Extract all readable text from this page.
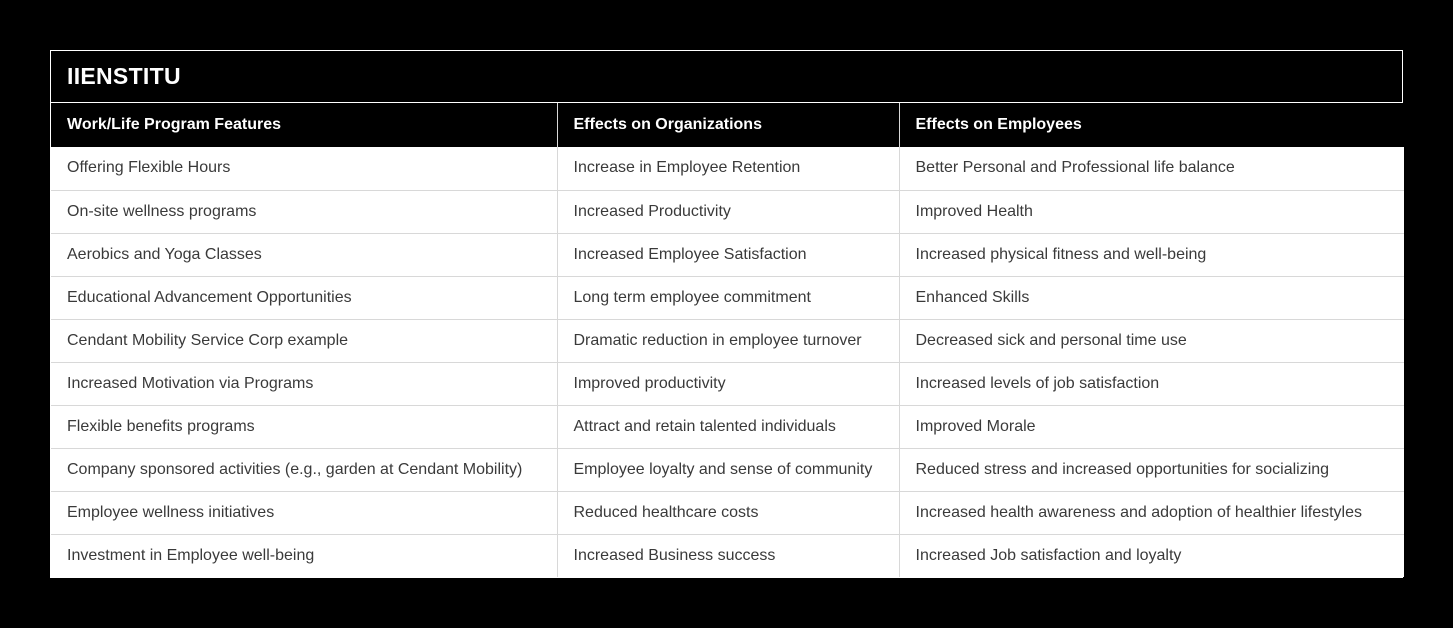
IIENSTITU
Work/Life Program Features	Effects on Organizations	Effects on Employees
Offering Flexible Hours	Increase in Employee Retention	Better Personal and Professional life balance
On-site wellness programs	Increased Productivity	Improved Health
Aerobics and Yoga Classes	Increased Employee Satisfaction	Increased physical fitness and well-being
Educational Advancement Opportunities	Long term employee commitment	Enhanced Skills
Cendant Mobility Service Corp example	Dramatic reduction in employee turnover	Decreased sick and personal time use
Increased Motivation via Programs	Improved productivity	Increased levels of job satisfaction
Flexible benefits programs	Attract and retain talented individuals	Improved Morale
Company sponsored activities (e.g., garden at Cendant Mobility)	Employee loyalty and sense of community	Reduced stress and increased opportunities for socializing
Employee wellness initiatives	Reduced healthcare costs	Increased health awareness and adoption of healthier lifestyles
Investment in Employee well-being	Increased Business success	Increased Job satisfaction and loyalty
